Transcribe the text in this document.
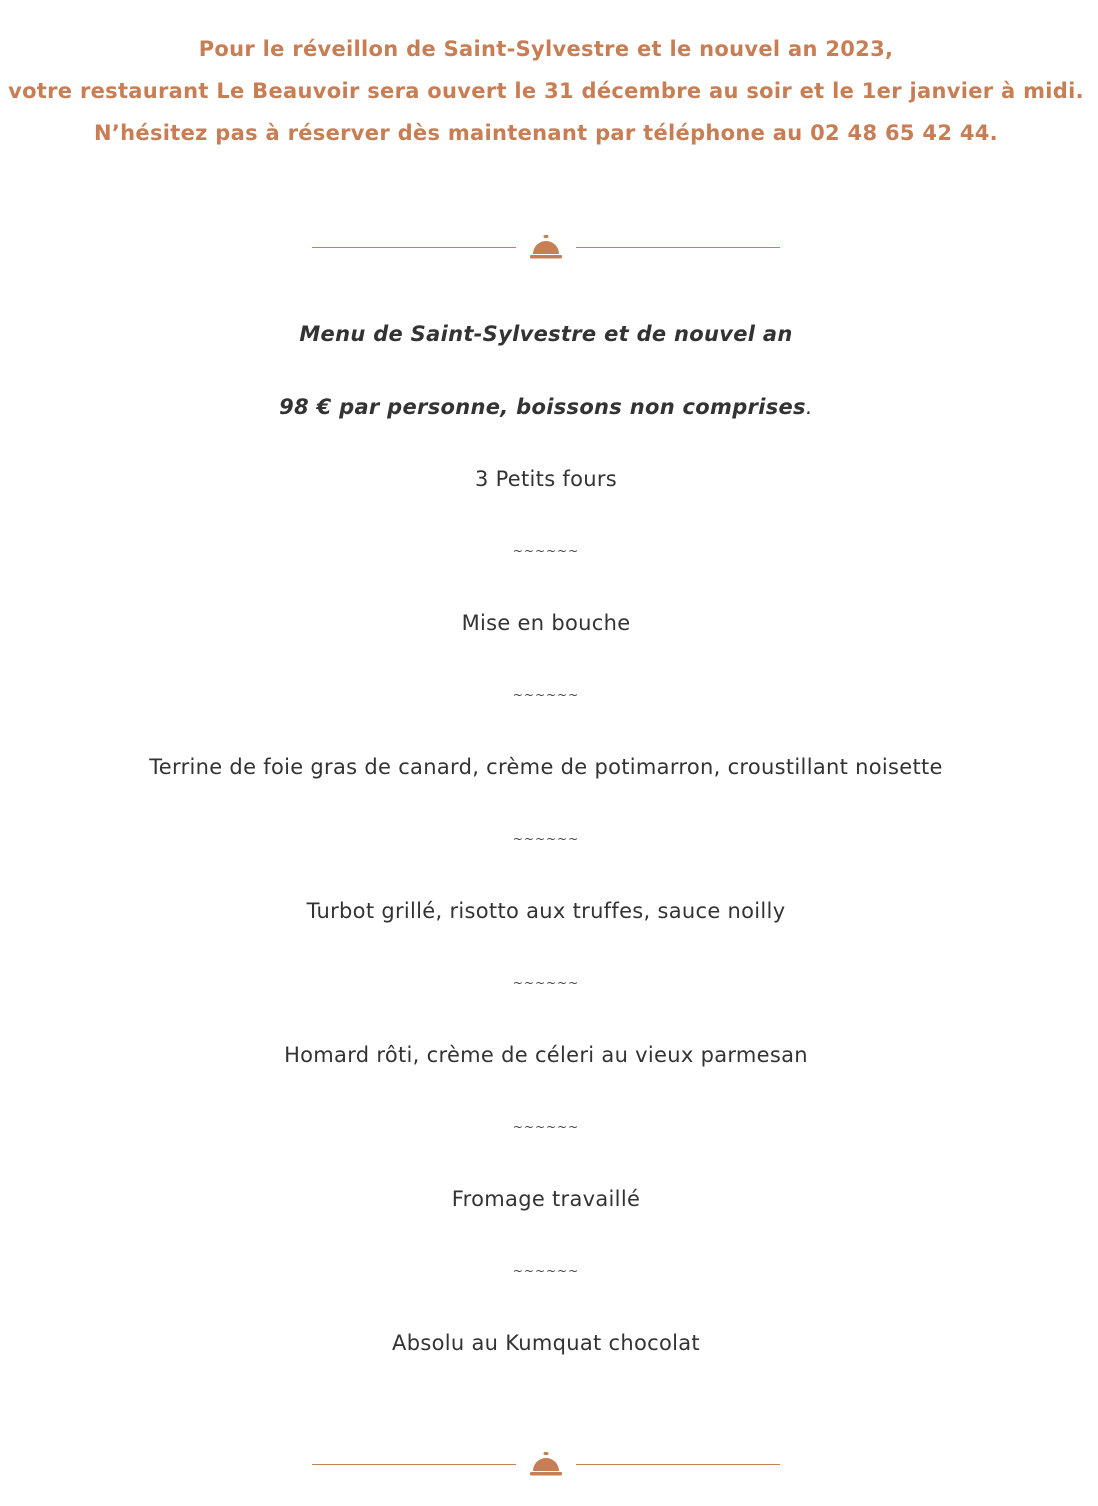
Pour le réveillon de Saint-Sylvestre et le nouvel an 2023,

votre restaurant Le Beauvoir sera ouvert le 31 décembre au soir et le 1er janvier à midi.

N’hésitez pas à réserver dès maintenant par téléphone au 02 48 65 42 44.

Menu de Saint-Sylvestre et de nouvel an

98 € par personne, boissons non comprises.

3 Petits fours

~~~~~~

Mise en bouche

~~~~~~

Terrine de foie gras de canard, crème de potimarron, croustillant noisette

~~~~~~

Turbot grillé, risotto aux truffes, sauce noilly

~~~~~~

Homard rôti, crème de céleri au vieux parmesan

~~~~~~

Fromage travaillé

~~~~~~

Absolu au Kumquat chocolat
